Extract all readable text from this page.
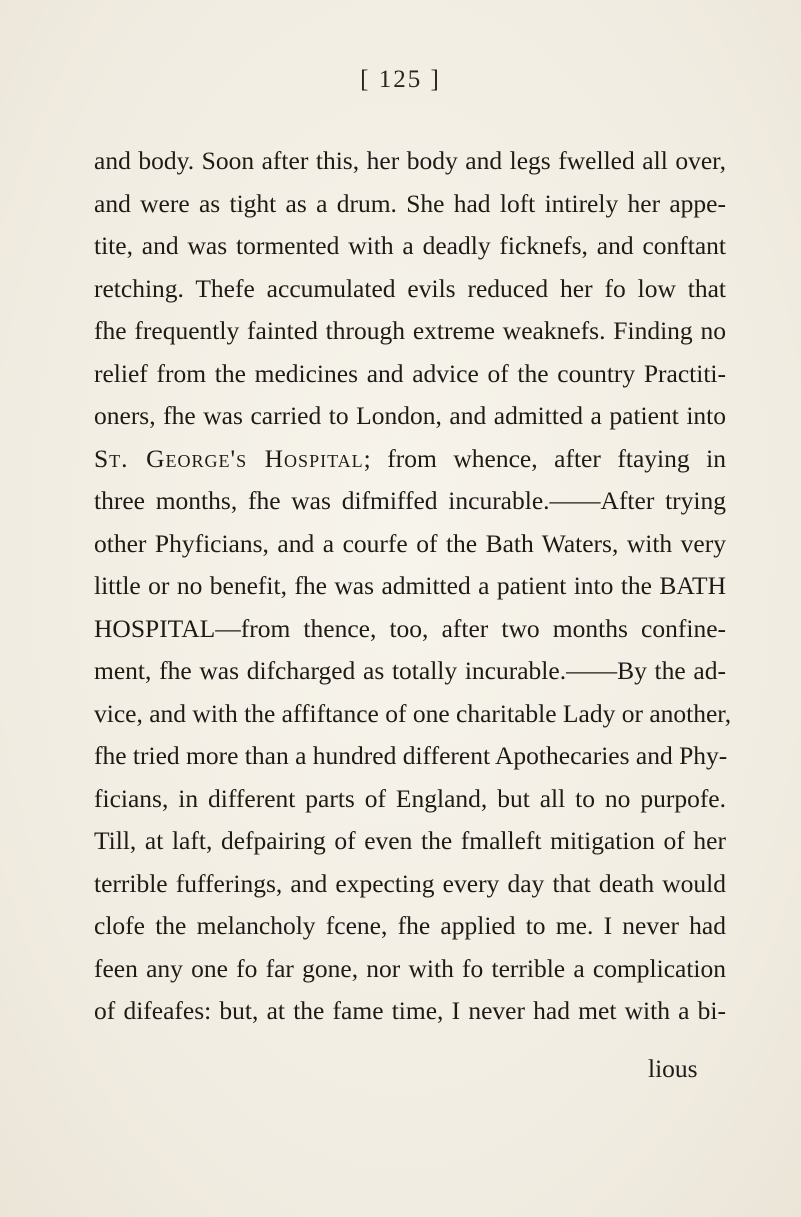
[ 125 ]
and body. Soon after this, her body and legs fwelled all over,
and were as tight as a drum. She had loft intirely her appe-
tite, and was tormented with a deadly ficknefs, and conftant
retching. Thefe accumulated evils reduced her fo low that
fhe frequently fainted through extreme weaknefs. Finding no
relief from the medicines and advice of the country Practiti-
oners, fhe was carried to London, and admitted a patient into
St. George's Hospital; from whence, after ftaying in
three months, fhe was difmiffed incurable.——After trying
other Phyficians, and a courfe of the Bath Waters, with very
little or no benefit, fhe was admitted a patient into the BATH
HOSPITAL—from thence, too, after two months confine-
ment, fhe was difcharged as totally incurable.——By the ad-
vice, and with the affiftance of one charitable Lady or another,
fhe tried more than a hundred different Apothecaries and Phy-
ficians, in different parts of England, but all to no purpofe.
Till, at laft, defpairing of even the fmalleft mitigation of her
terrible fufferings, and expecting every day that death would
clofe the melancholy fcene, fhe applied to me. I never had
feen any one fo far gone, nor with fo terrible a complication
of difeafes: but, at the fame time, I never had met with a bi-
lious
